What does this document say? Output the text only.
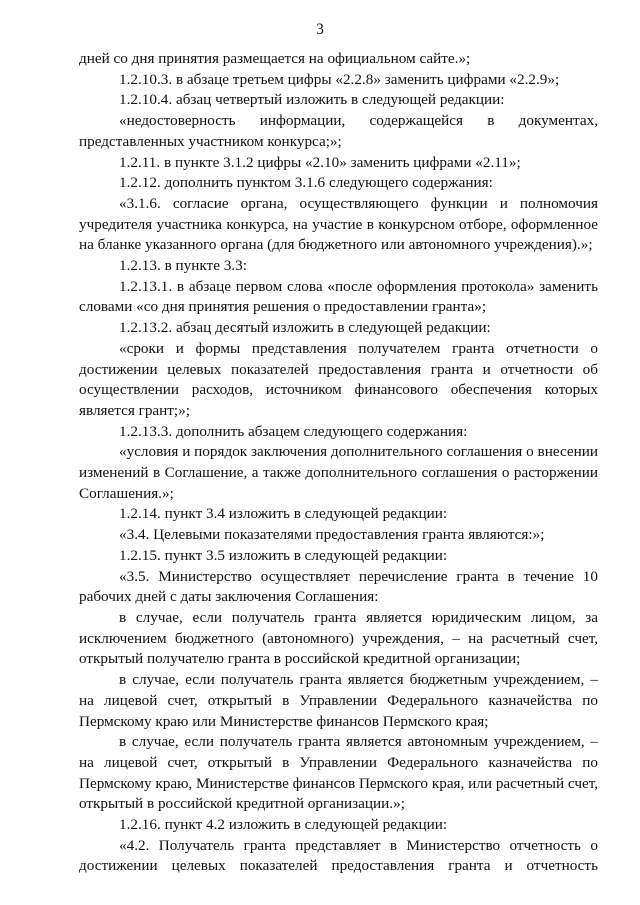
3

дней со дня принятия размещается на официальном сайте.»;

1.2.10.3. в абзаце третьем цифры «2.2.8» заменить цифрами «2.2.9»;

1.2.10.4. абзац четвертый изложить в следующей редакции:

«недостоверность информации, содержащейся в документах, представленных участником конкурса;»;

1.2.11. в пункте 3.1.2 цифры «2.10» заменить цифрами «2.11»;

1.2.12. дополнить пунктом 3.1.6 следующего содержания:

«3.1.6. согласие органа, осуществляющего функции и полномочия учредителя участника конкурса, на участие в конкурсном отборе, оформленное на бланке указанного органа (для бюджетного или автономного учреждения).»;

1.2.13. в пункте 3.3:

1.2.13.1. в абзаце первом слова «после оформления протокола» заменить словами «со дня принятия решения о предоставлении гранта»;

1.2.13.2. абзац десятый изложить в следующей редакции:

«сроки и формы представления получателем гранта отчетности о достижении целевых показателей предоставления гранта и отчетности об осуществлении расходов, источником финансового обеспечения которых является грант;»;

1.2.13.3. дополнить абзацем следующего содержания:

«условия и порядок заключения дополнительного соглашения о внесении изменений в Соглашение, а также дополнительного соглашения о расторжении Соглашения.»;

1.2.14. пункт 3.4 изложить в следующей редакции:

«3.4. Целевыми показателями предоставления гранта являются:»;

1.2.15. пункт 3.5 изложить в следующей редакции:

«3.5. Министерство осуществляет перечисление гранта в течение 10 рабочих дней с даты заключения Соглашения:

в случае, если получатель гранта является юридическим лицом, за исключением бюджетного (автономного) учреждения, – на расчетный счет, открытый получателю гранта в российской кредитной организации;

в случае, если получатель гранта является бюджетным учреждением, – на лицевой счет, открытый в Управлении Федерального казначейства по Пермскому краю или Министерстве финансов Пермского края;

в случае, если получатель гранта является автономным учреждением, – на лицевой счет, открытый в Управлении Федерального казначейства по Пермскому краю, Министерстве финансов Пермского края, или расчетный счет, открытый в российской кредитной организации.»;

1.2.16. пункт 4.2 изложить в следующей редакции:

«4.2. Получатель гранта представляет в Министерство отчетность о достижении целевых показателей предоставления гранта и отчетность
